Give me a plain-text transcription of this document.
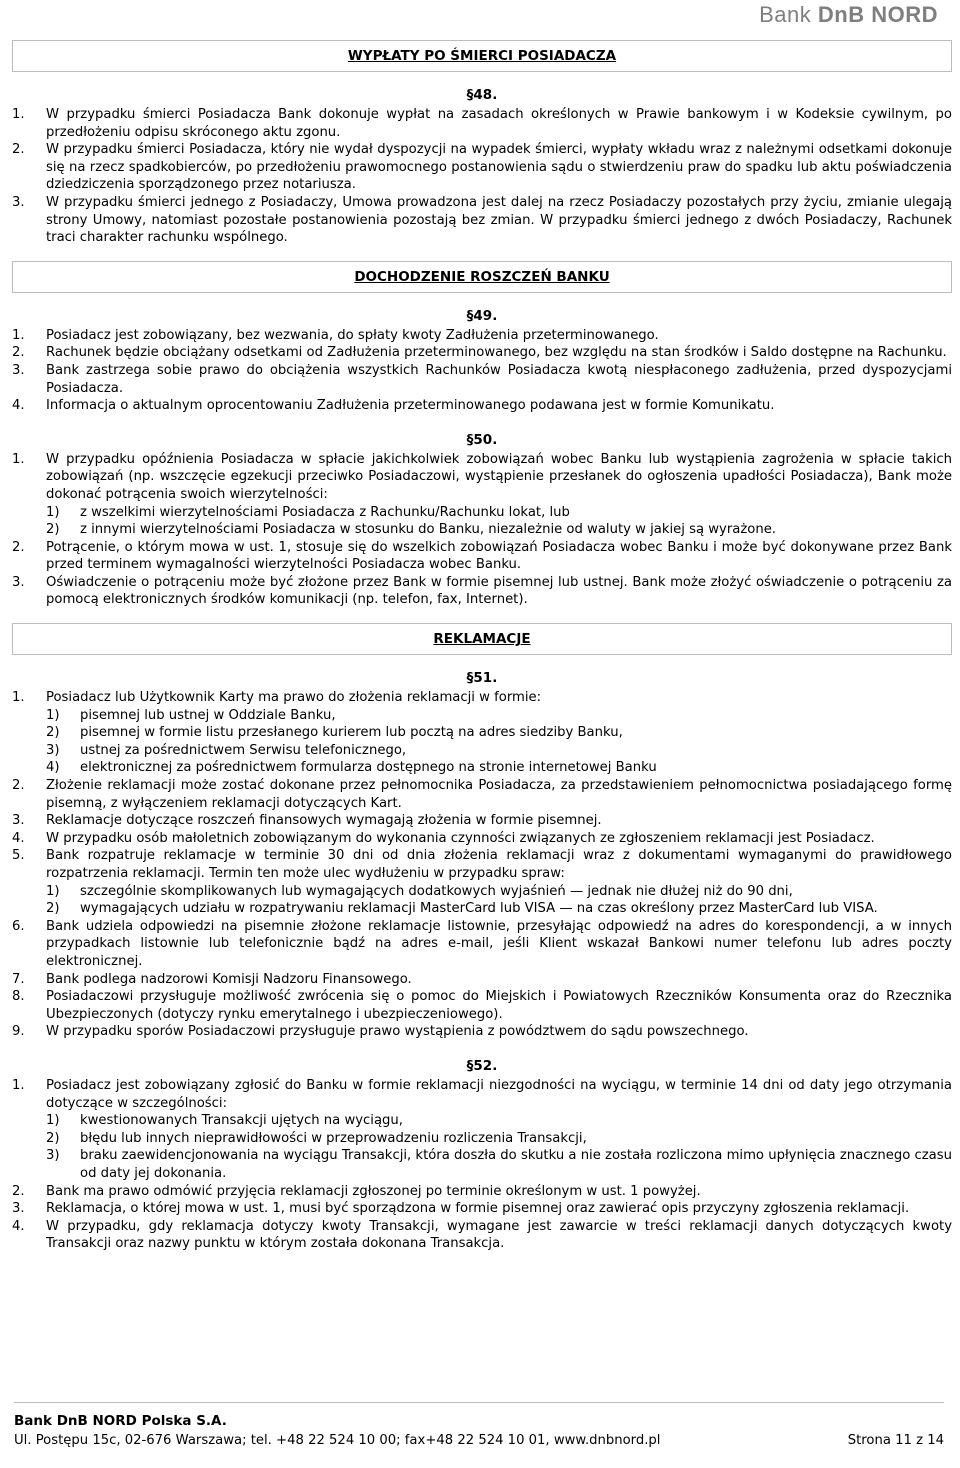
Bank DnB NORD
WYPŁATY PO ŚMIERCI POSIADACZA
§48.
1.	W przypadku śmierci Posiadacza Bank dokonuje wypłat na zasadach określonych w Prawie bankowym i w Kodeksie cywilnym, po przedłożeniu odpisu skróconego aktu zgonu.
2.	W przypadku śmierci Posiadacza, który nie wydał dyspozycji na wypadek śmierci, wypłaty wkładu wraz z należnymi odsetkami dokonuje się na rzecz spadkobierców, po przedłożeniu prawomocnego postanowienia sądu o stwierdzeniu praw do spadku lub aktu poświadczenia dziedziczenia sporządzonego przez notariusza.
3.	W przypadku śmierci jednego z Posiadaczy, Umowa prowadzona jest dalej na rzecz Posiadaczy pozostałych przy życiu, zmianie ulegają strony Umowy, natomiast pozostałe postanowienia pozostają bez zmian. W przypadku śmierci jednego z dwóch Posiadaczy, Rachunek traci charakter rachunku wspólnego.
DOCHODZENIE ROSZCZEŃ BANKU
§49.
1.	Posiadacz jest zobowiązany, bez wezwania, do spłaty kwoty Zadłużenia przeterminowanego.
2.	Rachunek będzie obciążany odsetkami od Zadłużenia przeterminowanego, bez względu na stan środków i Saldo dostępne na Rachunku.
3.	Bank zastrzega sobie prawo do obciążenia wszystkich Rachunków Posiadacza kwotą niespłaconego zadłużenia, przed dyspozycjami Posiadacza.
4.	Informacja o aktualnym oprocentowaniu Zadłużenia przeterminowanego podawana jest w formie Komunikatu.
§50.
1.	W przypadku opóźnienia Posiadacza w spłacie jakichkolwiek zobowiązań wobec Banku lub wystąpienia zagrożenia w spłacie takich zobowiązań (np. wszczęcie egzekucji przeciwko Posiadaczowi, wystąpienie przesłanek do ogłoszenia upadłości Posiadacza), Bank może dokonać potrącenia swoich wierzytelności:
1)	z wszelkimi wierzytelnościami Posiadacza z Rachunku/Rachunku lokat, lub
2)	z innymi wierzytelnościami Posiadacza w stosunku do Banku, niezależnie od waluty w jakiej są wyrażone.
2.	Potrącenie, o którym mowa w ust. 1, stosuje się do wszelkich zobowiązań Posiadacza wobec Banku i może być dokonywane przez Bank przed terminem wymagalności wierzytelności Posiadacza wobec Banku.
3.	Oświadczenie o potrąceniu może być złożone przez Bank w formie pisemnej lub ustnej. Bank może złożyć oświadczenie o potrąceniu za pomocą elektronicznych środków komunikacji (np. telefon, fax, Internet).
REKLAMACJE
§51.
1.	Posiadacz lub Użytkownik Karty ma prawo do złożenia reklamacji w formie:
1)	pisemnej lub ustnej w Oddziale Banku,
2)	pisemnej w formie listu przesłanego kurierem lub pocztą na adres siedziby Banku,
3)	ustnej za pośrednictwem Serwisu telefonicznego,
4)	elektronicznej za pośrednictwem formularza dostępnego na stronie internetowej Banku
2.	Złożenie reklamacji może zostać dokonane przez pełnomocnika Posiadacza, za przedstawieniem pełnomocnictwa posiadającego formę pisemną, z wyłączeniem reklamacji dotyczących Kart.
3.	Reklamacje dotyczące roszczeń finansowych wymagają złożenia w formie pisemnej.
4.	W przypadku osób małoletnich zobowiązanym do wykonania czynności związanych ze zgłoszeniem reklamacji jest Posiadacz.
5.	Bank rozpatruje reklamacje w terminie 30 dni od dnia złożenia reklamacji wraz z dokumentami wymaganymi do prawidłowego rozpatrzenia reklamacji. Termin ten może ulec wydłużeniu w przypadku spraw:
1)	szczególnie skomplikowanych lub wymagających dodatkowych wyjaśnień — jednak nie dłużej niż do 90 dni,
2)	wymagających udziału w rozpatrywaniu reklamacji MasterCard lub VISA — na czas określony przez MasterCard lub VISA.
6.	Bank udziela odpowiedzi na pisemnie złożone reklamacje listownie, przesyłając odpowiedź na adres do korespondencji, a w innych przypadkach listownie lub telefonicznie bądź na adres e-mail, jeśli Klient wskazał Bankowi numer telefonu lub adres poczty elektronicznej.
7.	Bank podlega nadzorowi Komisji Nadzoru Finansowego.
8.	Posiadaczowi przysługuje możliwość zwrócenia się o pomoc do Miejskich i Powiatowych Rzeczników Konsumenta oraz do Rzecznika Ubezpieczonych (dotyczy rynku emerytalnego i ubezpieczeniowego).
9.	W przypadku sporów Posiadaczowi przysługuje prawo wystąpienia z powództwem do sądu powszechnego.
§52.
1.	Posiadacz jest zobowiązany zgłosić do Banku w formie reklamacji niezgodności na wyciągu, w terminie 14 dni od daty jego otrzymania dotyczące w szczególności:
1)	kwestionowanych Transakcji ujętych na wyciągu,
2)	błędu lub innych nieprawidłowości w przeprowadzeniu rozliczenia Transakcji,
3)	braku zaewidencjonowania na wyciągu Transakcji, która doszła do skutku a nie została rozliczona mimo upłynięcia znacznego czasu od daty jej dokonania.
2.	Bank ma prawo odmówić przyjęcia reklamacji zgłoszonej po terminie określonym w ust. 1 powyżej.
3.	Reklamacja, o której mowa w ust. 1, musi być sporządzona w formie pisemnej oraz zawierać opis przyczyny zgłoszenia reklamacji.
4.	W przypadku, gdy reklamacja dotyczy kwoty Transakcji, wymagane jest zawarcie w treści reklamacji danych dotyczących kwoty Transakcji oraz nazwy punktu w którym została dokonana Transakcja.
Bank DnB NORD Polska S.A.
Ul. Postępu 15c, 02-676 Warszawa; tel. +48 22 524 10 00; fax+48 22 524 10 01, www.dnbnord.pl	Strona 11 z 14
